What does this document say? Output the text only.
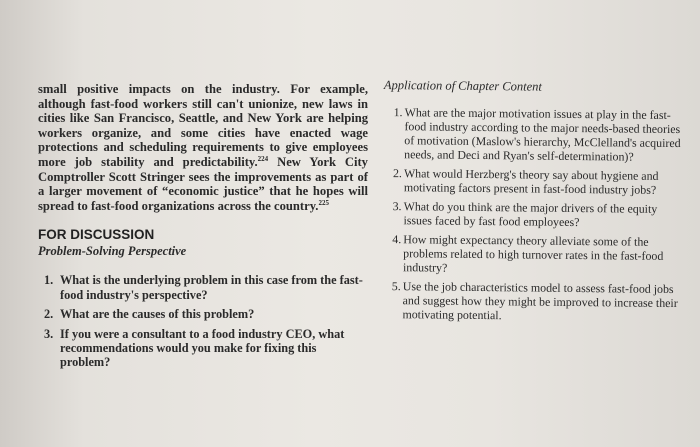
small positive impacts on the industry. For example, although fast-food workers still can't unionize, new laws in cities like San Francisco, Seattle, and New York are helping workers organize, and some cities have enacted wage protections and scheduling requirements to give employees more job stability and predictability.$^{224}$ New York City Comptroller Scott Stringer sees the improvements as part of a larger movement of “economic justice” that he hopes will spread to fast-food organizations across the country.$^{225}$

FOR DISCUSSION
Problem-Solving Perspective
1. What is the underlying problem in this case from the fast-food industry's perspective?
2. What are the causes of this problem?
3. If you were a consultant to a food industry CEO, what recommendations would you make for fixing this problem?
Application of Chapter Content
1. What are the major motivation issues at play in the fast-food industry according to the major needs-based theories of motivation (Maslow's hierarchy, McClelland's acquired needs, and Deci and Ryan's self-determination)?
2. What would Herzberg's theory say about hygiene and motivating factors present in fast-food industry jobs?
3. What do you think are the major drivers of the equity issues faced by fast food employees?
4. How might expectancy theory alleviate some of the problems related to high turnover rates in the fast-food industry?
5. Use the job characteristics model to assess fast-food jobs and suggest how they might be improved to increase their motivating potential.
